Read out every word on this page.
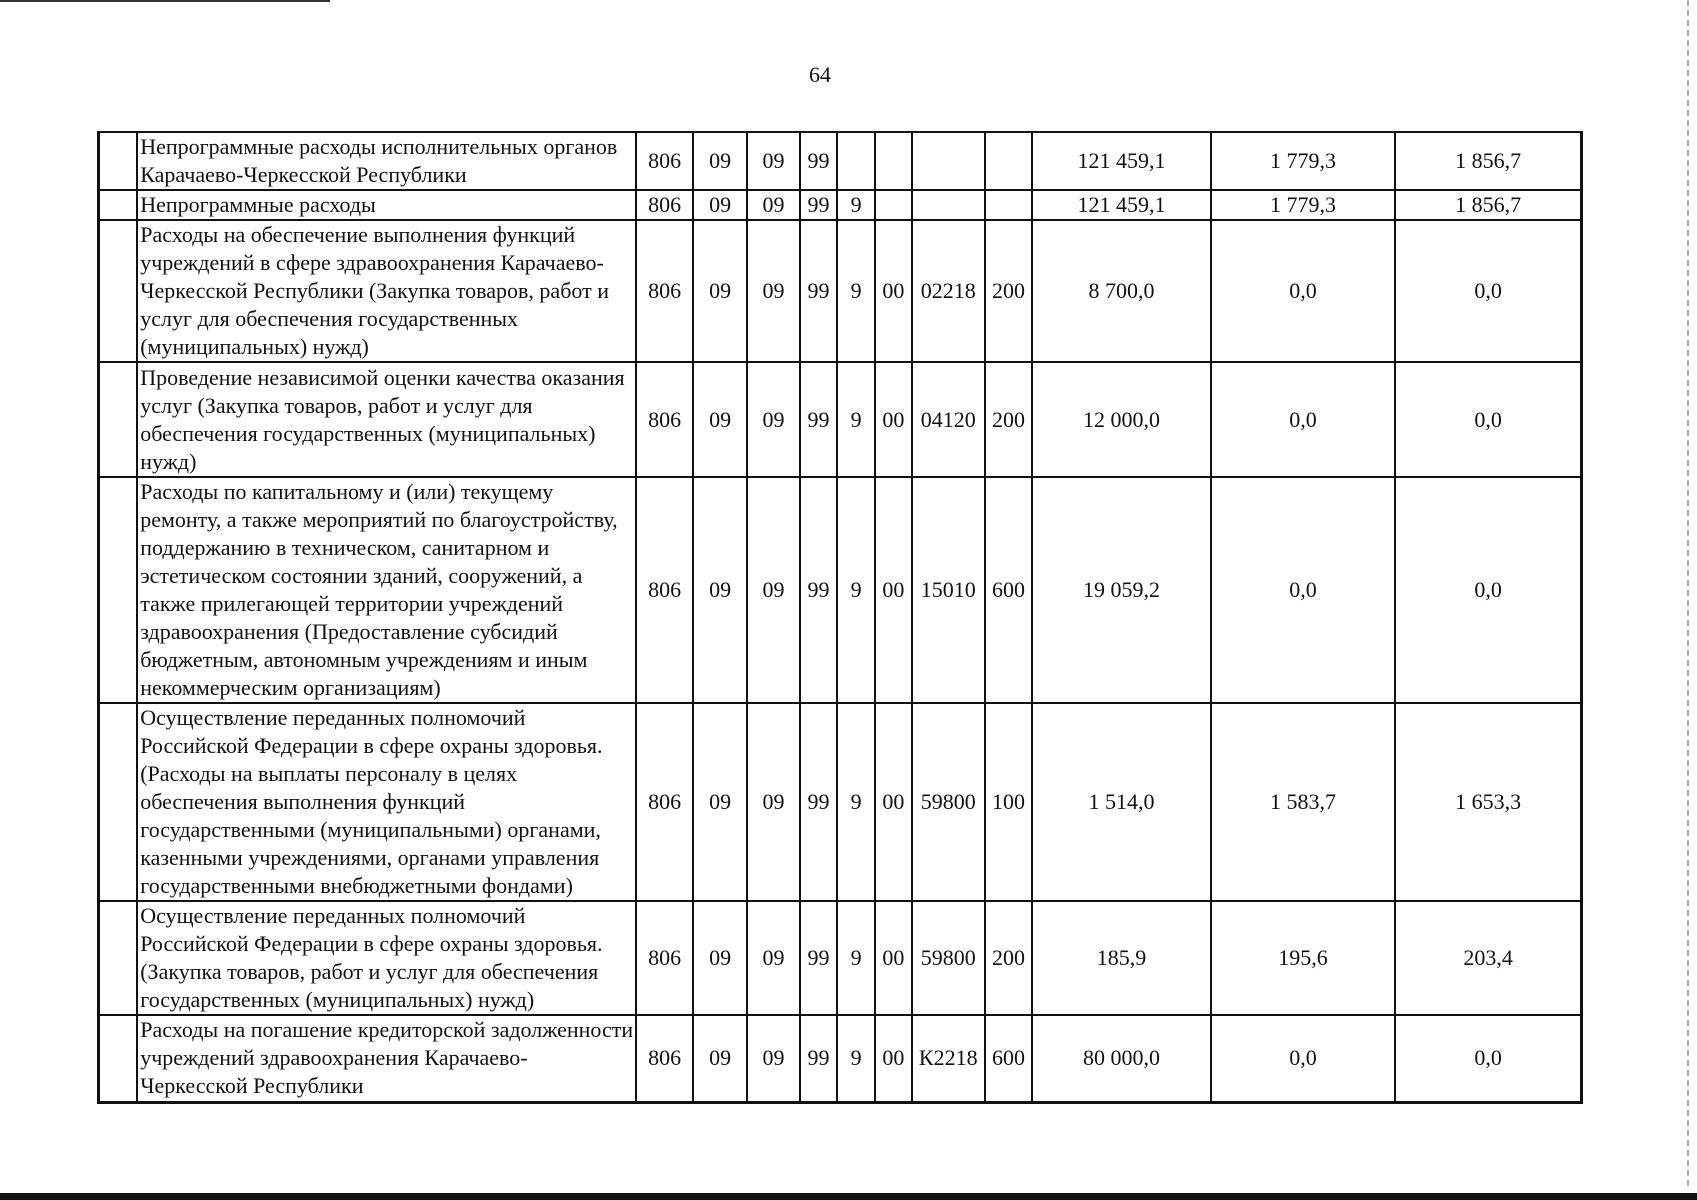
64
	Непрограммные расходы исполнительных органов Карачаево-Черкесской Республики	806	09	09	99					121 459,1	1 779,3	1 856,7
	Непрограммные расходы	806	09	09	99	9				121 459,1	1 779,3	1 856,7
	Расходы на обеспечение выполнения функций учреждений в сфере здравоохранения Карачаево-Черкесской Республики (Закупка товаров, работ и услуг для обеспечения государственных (муниципальных) нужд)	806	09	09	99	9	00	02218	200	8 700,0	0,0	0,0
	Проведение независимой оценки качества оказания услуг (Закупка товаров, работ и услуг для обеспечения государственных (муниципальных) нужд)	806	09	09	99	9	00	04120	200	12 000,0	0,0	0,0
	Расходы по капитальному и (или) текущему ремонту, а также мероприятий по благоустройству, поддержанию в техническом, санитарном и эстетическом состоянии зданий, сооружений, а также прилегающей территории учреждений здравоохранения (Предоставление субсидий бюджетным, автономным учреждениям и иным некоммерческим организациям)	806	09	09	99	9	00	15010	600	19 059,2	0,0	0,0
	Осуществление переданных полномочий Российской Федерации в сфере охраны здоровья. (Расходы на выплаты персоналу в целях обеспечения выполнения функций государственными (муниципальными) органами, казенными учреждениями, органами управления государственными внебюджетными фондами)	806	09	09	99	9	00	59800	100	1 514,0	1 583,7	1 653,3
	Осуществление переданных полномочий Российской Федерации в сфере охраны здоровья. (Закупка товаров, работ и услуг для обеспечения государственных (муниципальных) нужд)	806	09	09	99	9	00	59800	200	185,9	195,6	203,4
	Расходы на погашение кредиторской задолженности учреждений здравоохранения Карачаево-Черкесской Республики	806	09	09	99	9	00	К2218	600	80 000,0	0,0	0,0
